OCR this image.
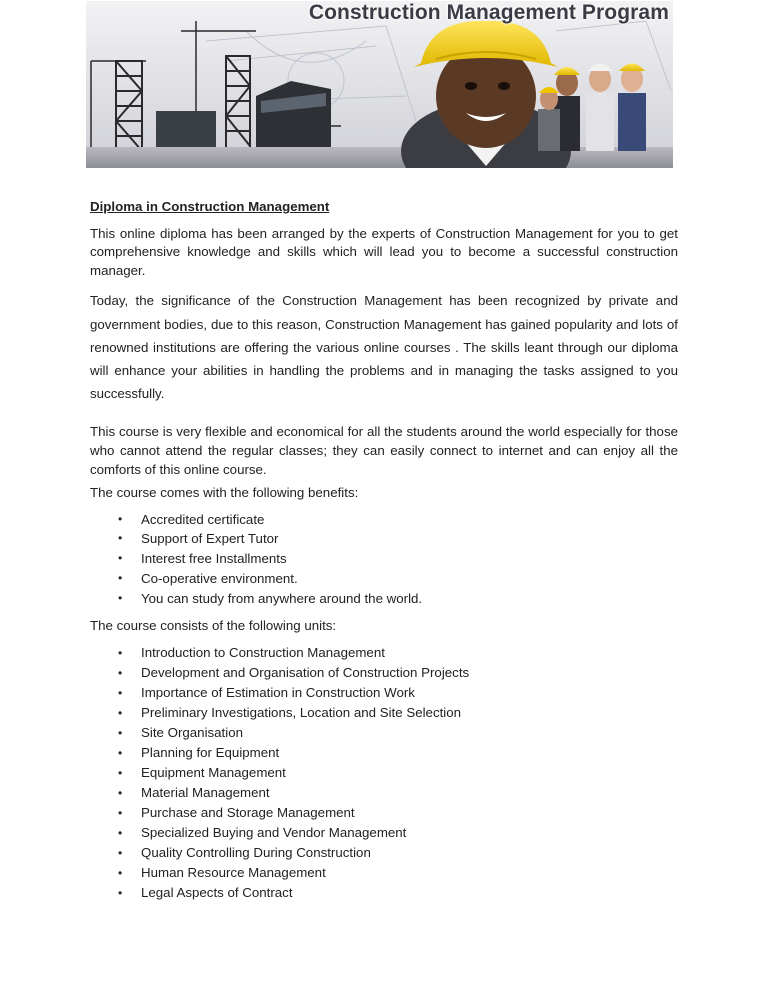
Construction Management Program
Diploma in Construction Management

This online diploma has been arranged by the experts of Construction Management for you to get comprehensive knowledge and skills which will lead you to become a successful construction manager.

Today, the significance of the Construction Management has been recognized by private and government bodies, due to this reason, Construction Management has gained popularity and lots of renowned institutions are offering the various online courses . The skills leant through our diploma will enhance your abilities in handling the problems and in managing the tasks assigned to you successfully.

This course is very flexible and economical for all the students around the world especially for those who cannot attend the regular classes; they can easily connect to internet and can enjoy all the comforts of this online course.

The course comes with the following benefits:

• Accredited certificate
• Support of Expert Tutor
• Interest free Installments
• Co-operative environment.
• You can study from anywhere around the world.

The course consists of the following units:

• Introduction to Construction Management
• Development and Organisation of Construction Projects
• Importance of Estimation in Construction Work
• Preliminary Investigations, Location and Site Selection
• Site Organisation
• Planning for Equipment
• Equipment Management
• Material Management
• Purchase and Storage Management
• Specialized Buying and Vendor Management
• Quality Controlling During Construction
• Human Resource Management
• Legal Aspects of Contract
